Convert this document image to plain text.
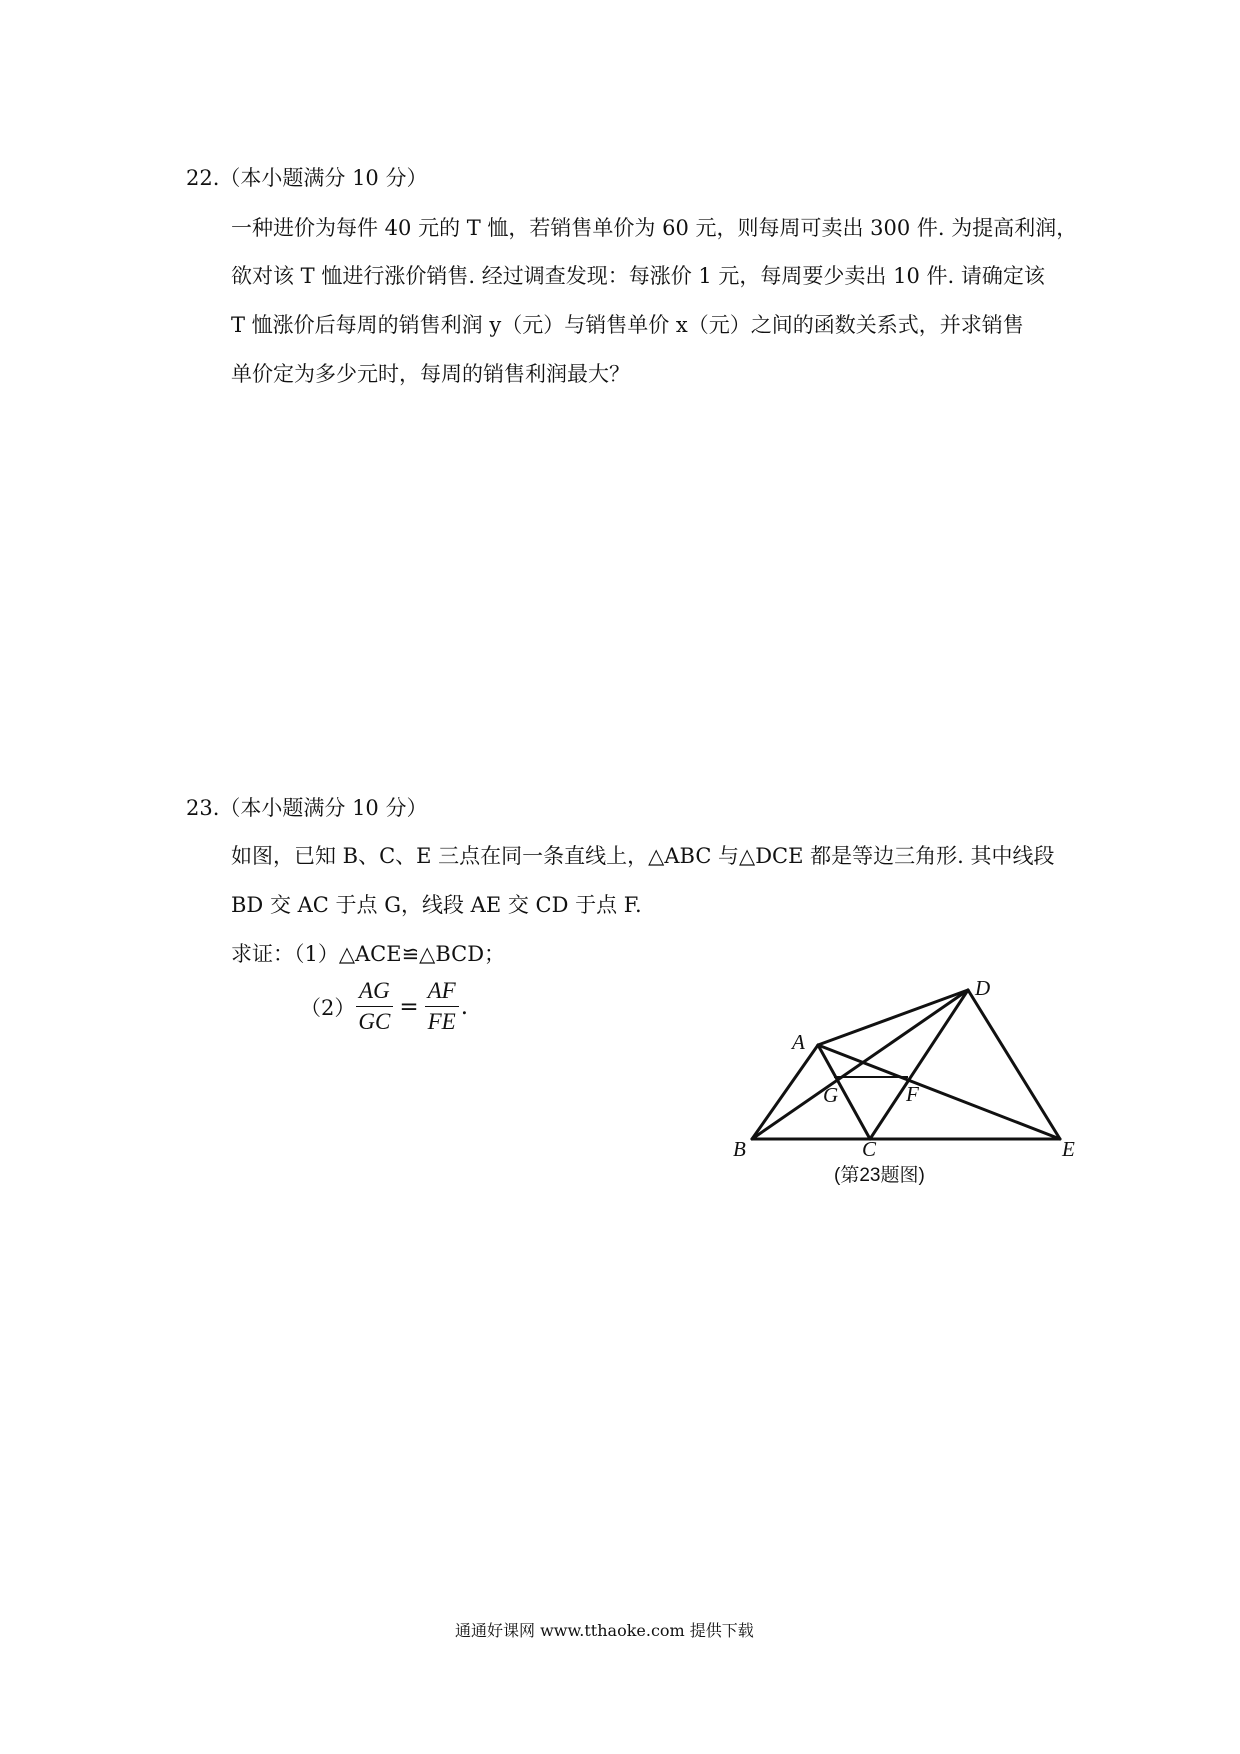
22.（本小题满分 10 分）
一种进价为每件 40 元的 T 恤，若销售单价为 60 元，则每周可卖出 300 件. 为提高利润，
欲对该 T 恤进行涨价销售. 经过调查发现：每涨价 1 元，每周要少卖出 10 件. 请确定该
T 恤涨价后每周的销售利润 y（元）与销售单价 x（元）之间的函数关系式，并求销售
单价定为多少元时，每周的销售利润最大？
23.（本小题满分 10 分）
如图，已知 B、C、E 三点在同一条直线上，△ABC 与△DCE 都是等边三角形. 其中线段
BD 交 AC 于点 G，线段 AE 交 CD 于点 F.
求证：（1）△ACE≌△BCD；
$(2) \frac{AG}{GC} = \frac{AF}{FE}$ .
A
B	C
D
E
F
G
(第23题图)
通通好课网 www.tthaoke.com 提供下载
